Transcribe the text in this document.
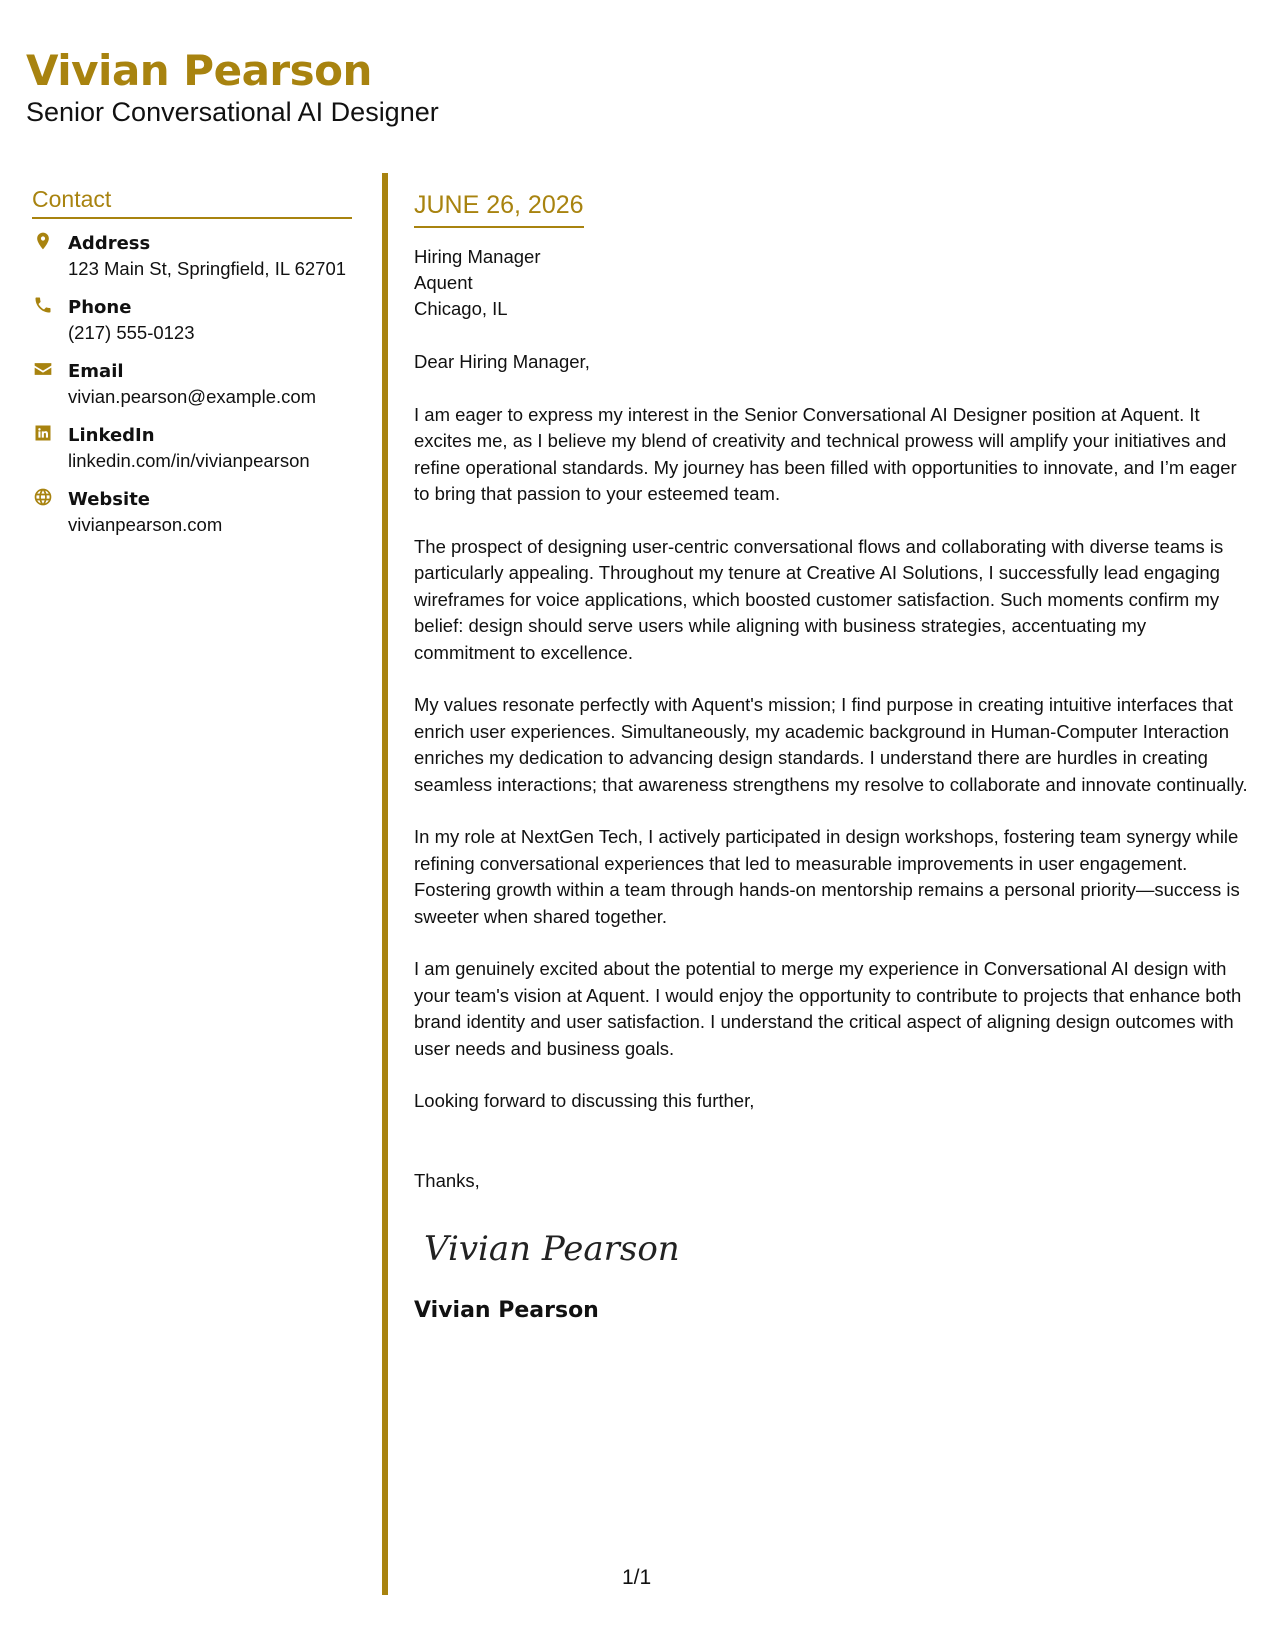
Vivian Pearson
Senior Conversational AI Designer
Contact
Address
123 Main St, Springfield, IL 62701
Phone
(217) 555-0123
Email
vivian.pearson@example.com
LinkedIn
linkedin.com/in/vivianpearson
Website
vivianpearson.com
JUNE 26, 2026
Hiring Manager
Aquent
Chicago, IL
Dear Hiring Manager,

I am eager to express my interest in the Senior Conversational AI Designer position at Aquent. It excites me, as I believe my blend of creativity and technical prowess will amplify your initiatives and refine operational standards. My journey has been filled with opportunities to innovate, and I’m eager to bring that passion to your esteemed team.

The prospect of designing user-centric conversational flows and collaborating with diverse teams is particularly appealing. Throughout my tenure at Creative AI Solutions, I successfully lead engaging wireframes for voice applications, which boosted customer satisfaction. Such moments confirm my belief: design should serve users while aligning with business strategies, accentuating my commitment to excellence.

My values resonate perfectly with Aquent's mission; I find purpose in creating intuitive interfaces that enrich user experiences. Simultaneously, my academic background in Human-Computer Interaction enriches my dedication to advancing design standards. I understand there are hurdles in creating seamless interactions; that awareness strengthens my resolve to collaborate and innovate continually.

In my role at NextGen Tech, I actively participated in design workshops, fostering team synergy while refining conversational experiences that led to measurable improvements in user engagement. Fostering growth within a team through hands-on mentorship remains a personal priority—success is sweeter when shared together.

I am genuinely excited about the potential to merge my experience in Conversational AI design with your team's vision at Aquent. I would enjoy the opportunity to contribute to projects that enhance both brand identity and user satisfaction. I understand the critical aspect of aligning design outcomes with user needs and business goals.

Looking forward to discussing this further,
Thanks,
Vivian Pearson
Vivian Pearson
1/1
